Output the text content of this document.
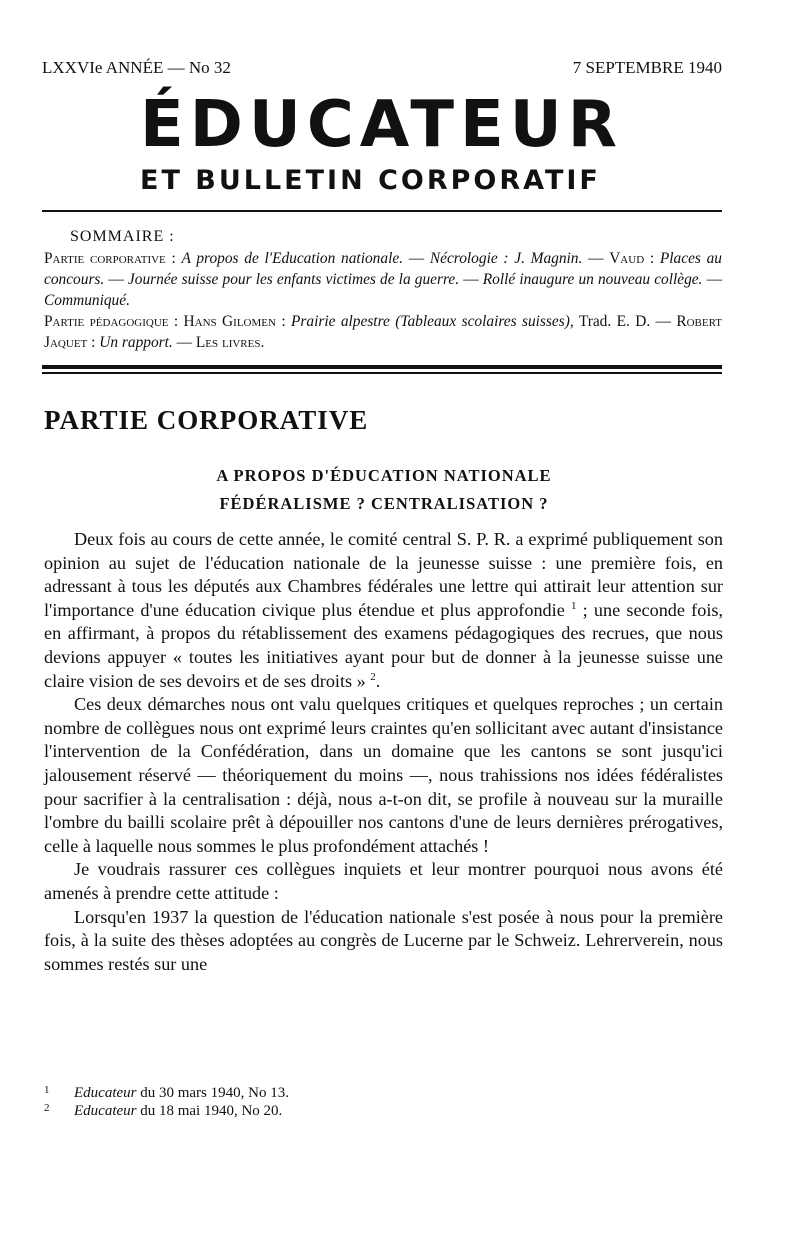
LXXVIe ANNÉE — No 32	7 SEPTEMBRE 1940
ÉDUCATEUR
ET BULLETIN CORPORATIF
SOMMAIRE :

Partie corporative : A propos de l'Education nationale. — Nécrologie : J. Magnin. — Vaud : Places au concours. — Journée suisse pour les enfants victimes de la guerre. — Rollé inaugure un nouveau collège. — Communiqué.

Partie pédagogique : Hans Gilomen : Prairie alpestre (Tableaux scolaires suisses), Trad. E. D. — Robert Jaquet : Un rapport. — Les livres.

PARTIE CORPORATIVE
A PROPOS D'ÉDUCATION NATIONALE
FÉDÉRALISME ? CENTRALISATION ?

Deux fois au cours de cette année, le comité central S. P. R. a exprimé publiquement son opinion au sujet de l'éducation nationale de la jeunesse suisse : une première fois, en adressant à tous les députés aux Chambres fédérales une lettre qui attirait leur attention sur l'importance d'une éducation civique plus étendue et plus approfondie $^1$ ; une seconde fois, en affirmant, à propos du rétablissement des examens pédagogiques des recrues, que nous devions appuyer « toutes les initiatives ayant pour but de donner à la jeunesse suisse une claire vision de ses devoirs et de ses droits » $^2$.

Ces deux démarches nous ont valu quelques critiques et quelques reproches ; un certain nombre de collègues nous ont exprimé leurs craintes qu'en sollicitant avec autant d'insistance l'intervention de la Confédération, dans un domaine que les cantons se sont jusqu'ici jalousement réservé — théoriquement du moins —, nous trahissions nos idées fédéralistes pour sacrifier à la centralisation : déjà, nous a-t-on dit, se profile à nouveau sur la muraille l'ombre du bailli scolaire prêt à dépouiller nos cantons d'une de leurs dernières prérogatives, celle à laquelle nous sommes le plus profondément attachés !

Je voudrais rassurer ces collègues inquiets et leur montrer pourquoi nous avons été amenés à prendre cette attitude :

Lorsqu'en 1937 la question de l'éducation nationale s'est posée à nous pour la première fois, à la suite des thèses adoptées au congrès de Lucerne par le Schweiz. Lehrerverein, nous sommes restés sur une

1 Educateur du 30 mars 1940, No 13.

2 Educateur du 18 mai 1940, No 20.
